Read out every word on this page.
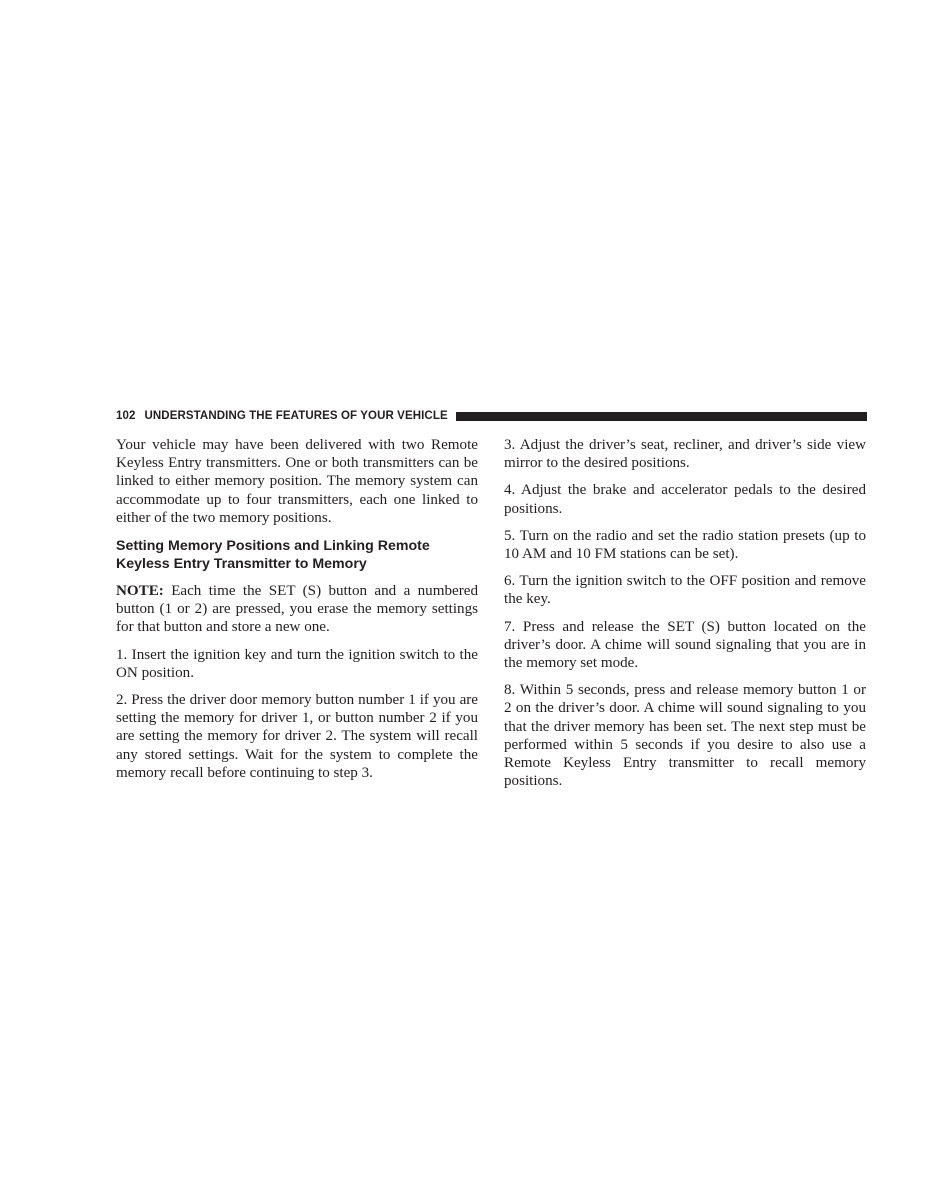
102 UNDERSTANDING THE FEATURES OF YOUR VEHICLE

Your vehicle may have been delivered with two Remote Keyless Entry transmitters. One or both transmitters can be linked to either memory position. The memory system can accommodate up to four transmitters, each one linked to either of the two memory positions.

Setting Memory Positions and Linking Remote Keyless Entry Transmitter to Memory

NOTE: Each time the SET (S) button and a numbered button (1 or 2) are pressed, you erase the memory settings for that button and store a new one.

1. Insert the ignition key and turn the ignition switch to the ON position.

2. Press the driver door memory button number 1 if you are setting the memory for driver 1, or button number 2 if you are setting the memory for driver 2. The system will recall any stored settings. Wait for the system to complete the memory recall before continuing to step 3.

3. Adjust the driver’s seat, recliner, and driver’s side view mirror to the desired positions.

4. Adjust the brake and accelerator pedals to the desired positions.

5. Turn on the radio and set the radio station presets (up to 10 AM and 10 FM stations can be set).

6. Turn the ignition switch to the OFF position and remove the key.

7. Press and release the SET (S) button located on the driver’s door. A chime will sound signaling that you are in the memory set mode.

8. Within 5 seconds, press and release memory button 1 or 2 on the driver’s door. A chime will sound signaling to you that the driver memory has been set. The next step must be performed within 5 seconds if you desire to also use a Remote Keyless Entry transmitter to recall memory positions.
